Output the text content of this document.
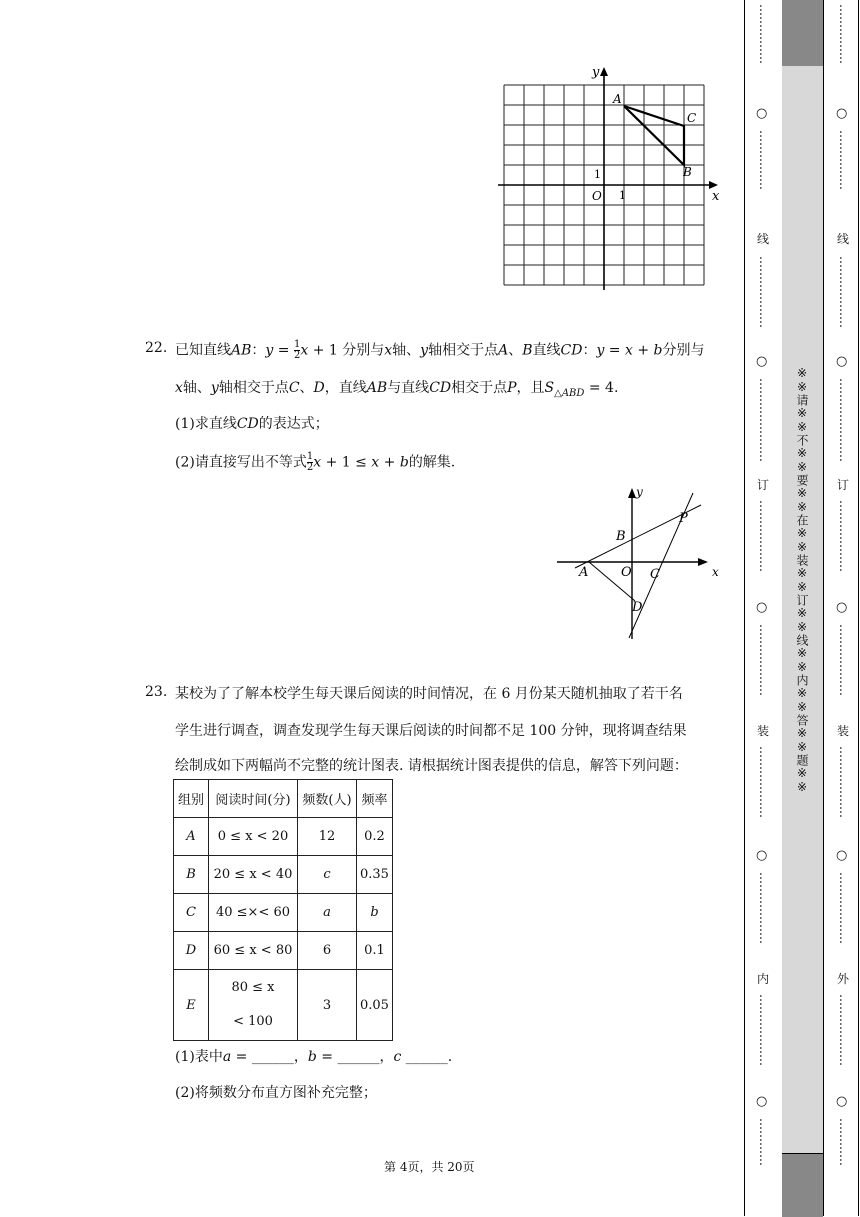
y
x
A
C
B
O
1
1
22. 已知直线AB：$y = \frac{1}{2}$ x + 1 分别与x轴、y轴相交于点A、B直线CD：y = x + b分别与
x轴、y轴相交于点C、D，直线AB与直线CD相交于点P，且$S_{\triangle ABD} = 4$.
(1)求直线CD的表达式；
(2)请直接写出不等式 $\frac{1}{2}$ x + 1 ≤ x + b的解集.
y
x
P
B
A	O C
D
23. 某校为了了解本校学生每天课后阅读的时间情况，在 6 月份某天随机抽取了若干名
学生进行调查，调查发现学生每天课后阅读的时间都不足 100 分钟，现将调查结果
绘制成如下两幅尚不完整的统计图表. 请根据统计图表提供的信息，解答下列问题：
组别	阅读时间(分)	频数(人)	频率
A	0 ≤ x < 20	12	0.2
B	20 ≤ x < 40	c	0.35
C	40 ≤×< 60	a	b
D	60 ≤ x < 80	6	0.1
E	80 ≤ x
< 100	3	0.05
(1)表中a = ______，b = ______，c ______.
(2)将频数分布直方图补充完整；
第 4页，共 20页
※※请※※不※※要※※在※※装※※订※※线※※内※※答※※题※※
……………
○
……………
线
………………
○
…………………
订
………………
○
………………
装
………………
○
………………
内
………………
○
…………
……………
○
……………
线
………………
○
…………………
订
………………
○
………………
装
………………
○
………………
外
………………
○
…………
